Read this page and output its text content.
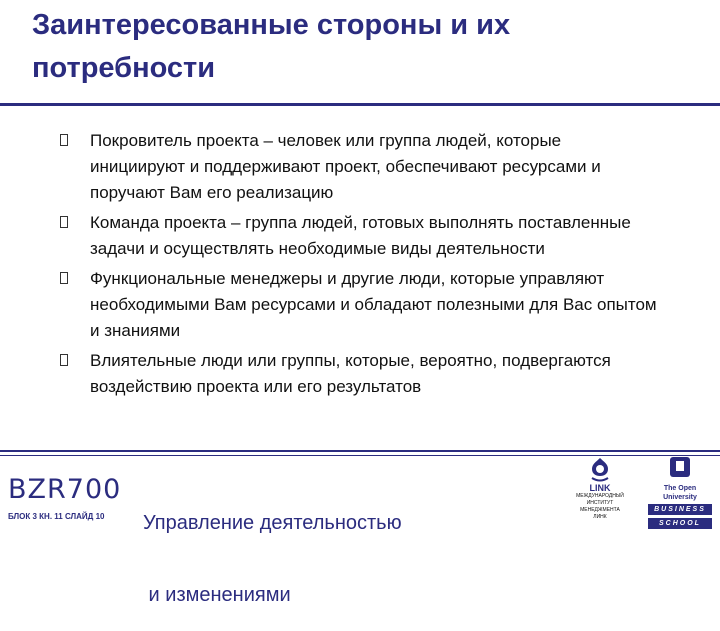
Заинтересованные стороны и их
потребности
Покровитель проекта – человек или группа людей, которые инициируют и поддерживают проект, обеспечивают ресурсами и поручают Вам его реализацию
Команда проекта – группа людей, готовых выполнять поставленные задачи и осуществлять необходимые виды деятельности
Функциональные менеджеры и другие люди, которые управляют необходимыми Вам ресурсами и обладают полезными для Вас опытом и знаниями
Влиятельные люди или группы, которые, вероятно, подвергаются воздействию проекта или его результатов
BZR700
БЛОК 3 КН. 11 СЛАЙД 10

Управление деятельностью

и изменениями

LINK
МЕЖДУНАРОДНЫЙ
ИНСТИТУТ
МЕНЕДЖМЕНТА
ЛИНК
The Open
University
BUSINESS
SCHOOL
